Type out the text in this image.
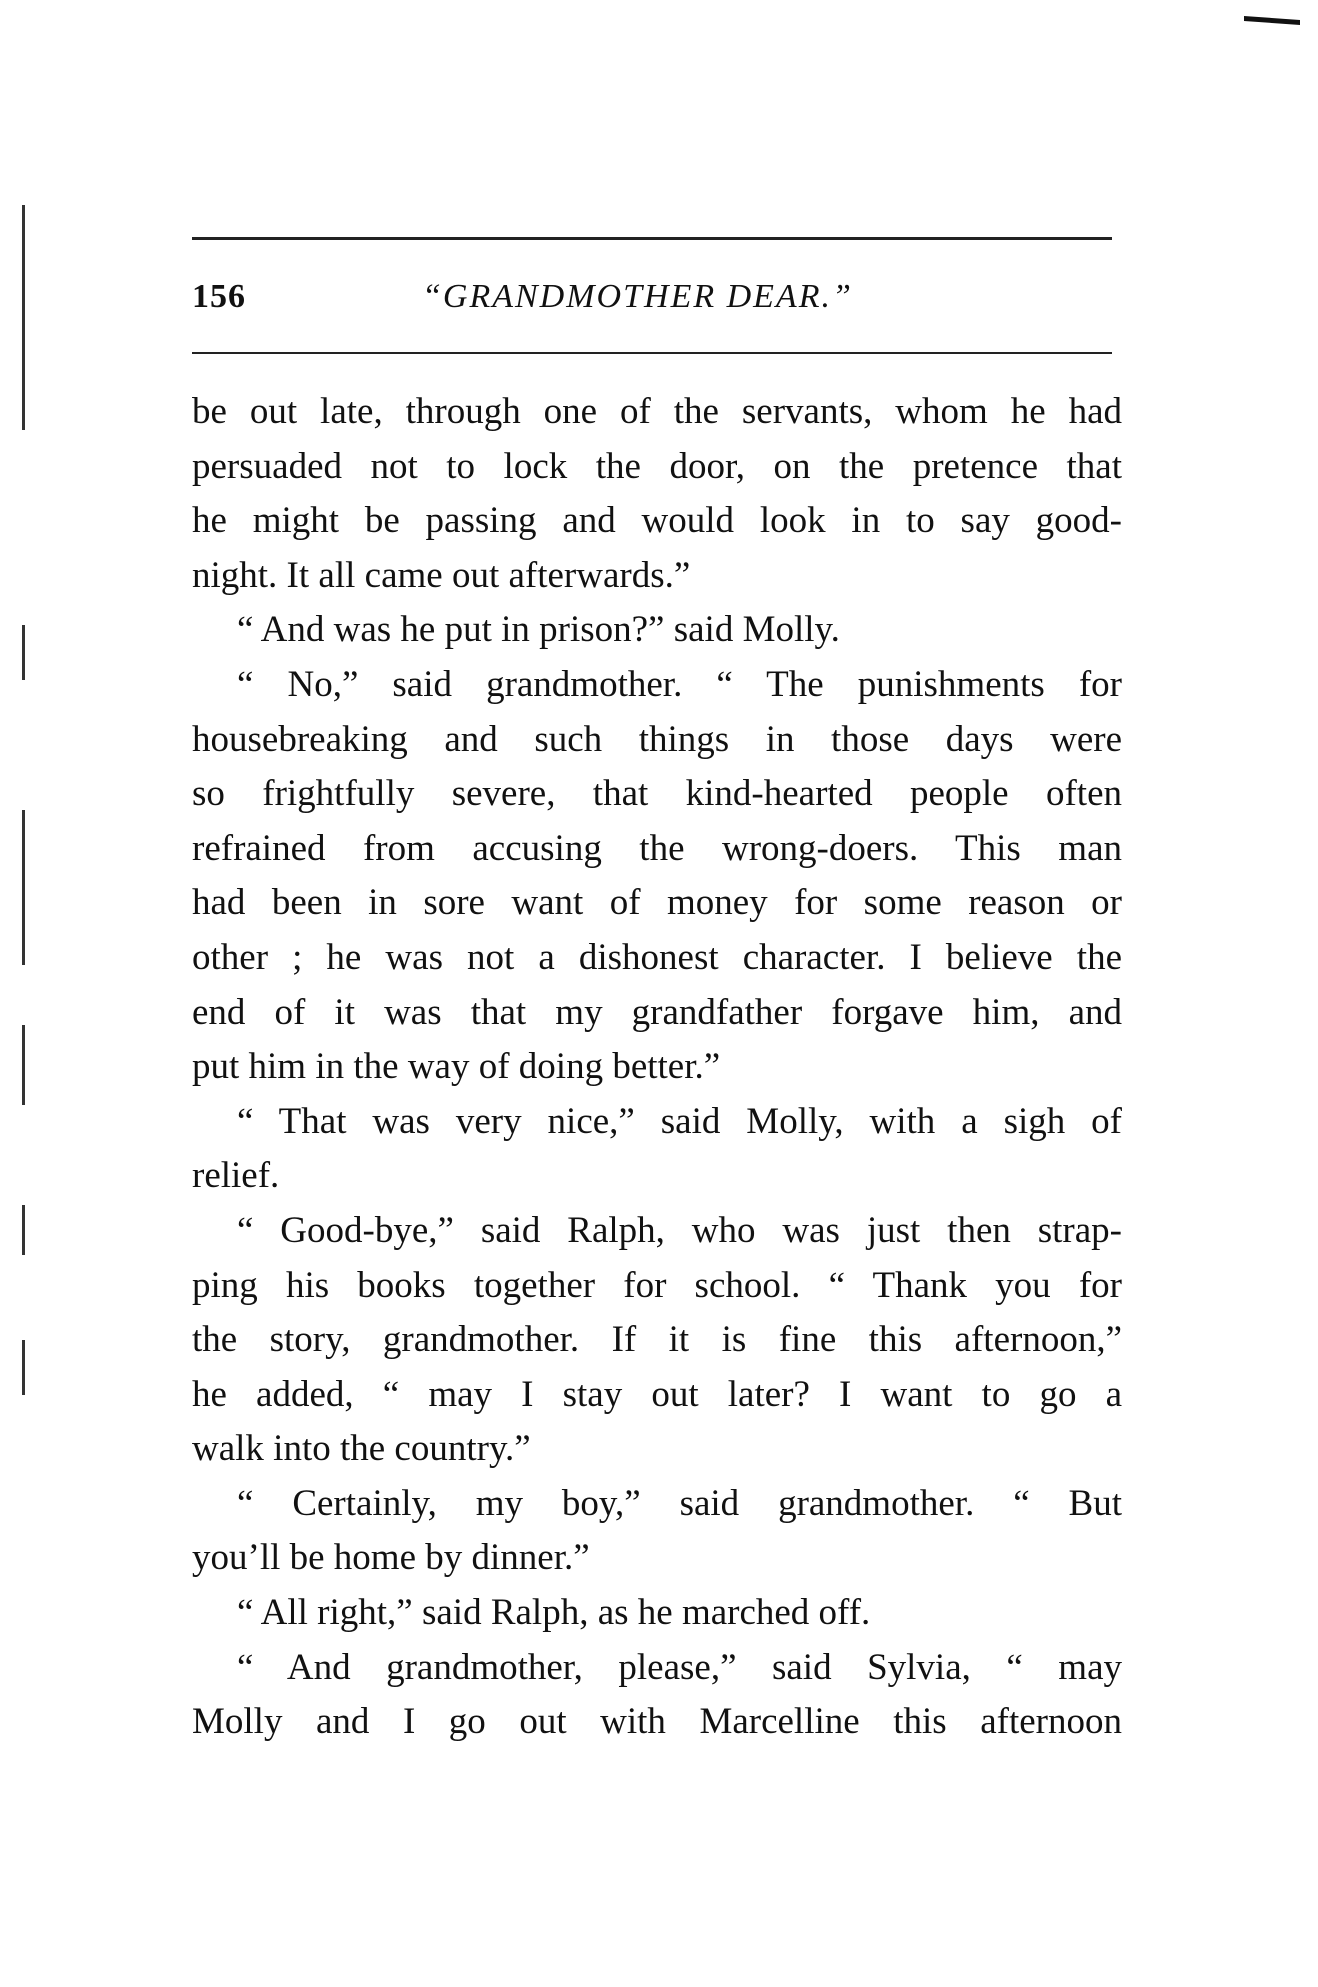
156	“GRANDMOTHER DEAR.”
be out late, through one of the servants, whom he had
persuaded not to lock the door, on the pretence that
he might be passing and would look in to say good-
night. It all came out afterwards.”
“ And was he put in prison?” said Molly.
“ No,” said grandmother. “ The punishments for
housebreaking and such things in those days were
so frightfully severe, that kind-hearted people often
refrained from accusing the wrong-doers. This man
had been in sore want of money for some reason or
other ; he was not a dishonest character. I believe the
end of it was that my grandfather forgave him, and
put him in the way of doing better.”
“ That was very nice,” said Molly, with a sigh of
relief.
“ Good-bye,” said Ralph, who was just then strap-
ping his books together for school. “ Thank you for
the story, grandmother. If it is fine this afternoon,”
he added, “ may I stay out later? I want to go a
walk into the country.”
“ Certainly, my boy,” said grandmother. “ But
you’ll be home by dinner.”
“ All right,” said Ralph, as he marched off.
“ And grandmother, please,” said Sylvia, “ may
Molly and I go out with Marcelline this afternoon
